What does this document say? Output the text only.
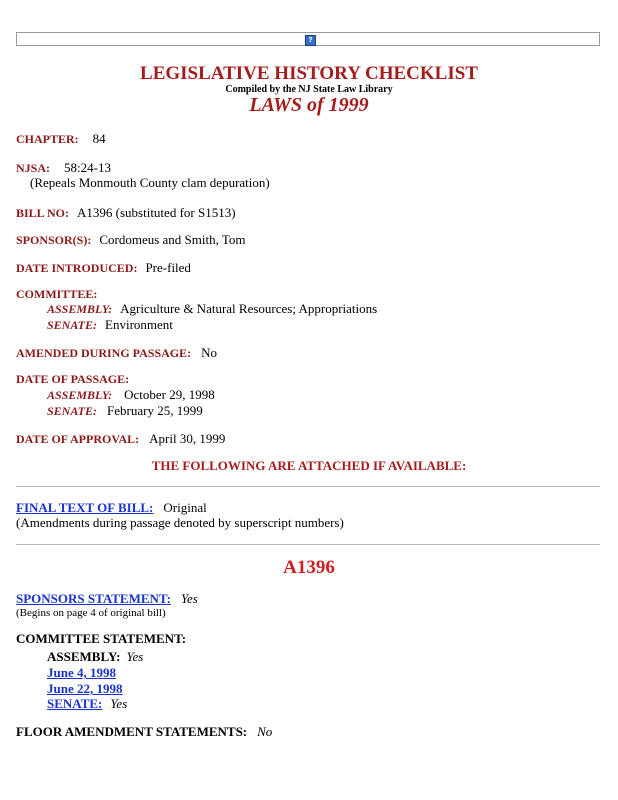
?
LEGISLATIVE HISTORY CHECKLIST
Compiled by the NJ State Law Library
LAWS of 1999
CHAPTER: 84
NJSA: 58:24-13
(Repeals Monmouth County clam depuration)
BILL NO: A1396 (substituted for S1513)
SPONSOR(S): Cordomeus and Smith, Tom
DATE INTRODUCED: Pre-filed
COMMITTEE:
ASSEMBLY: Agriculture & Natural Resources; Appropriations
SENATE: Environment
AMENDED DURING PASSAGE: No
DATE OF PASSAGE:
ASSEMBLY: October 29, 1998
SENATE: February 25, 1999
DATE OF APPROVAL: April 30, 1999
THE FOLLOWING ARE ATTACHED IF AVAILABLE:
FINAL TEXT OF BILL: Original
(Amendments during passage denoted by superscript numbers)
A1396
SPONSORS STATEMENT: Yes
(Begins on page 4 of original bill)
COMMITTEE STATEMENT:
ASSEMBLY: Yes
June 4, 1998
June 22, 1998
SENATE: Yes
FLOOR AMENDMENT STATEMENTS: No
